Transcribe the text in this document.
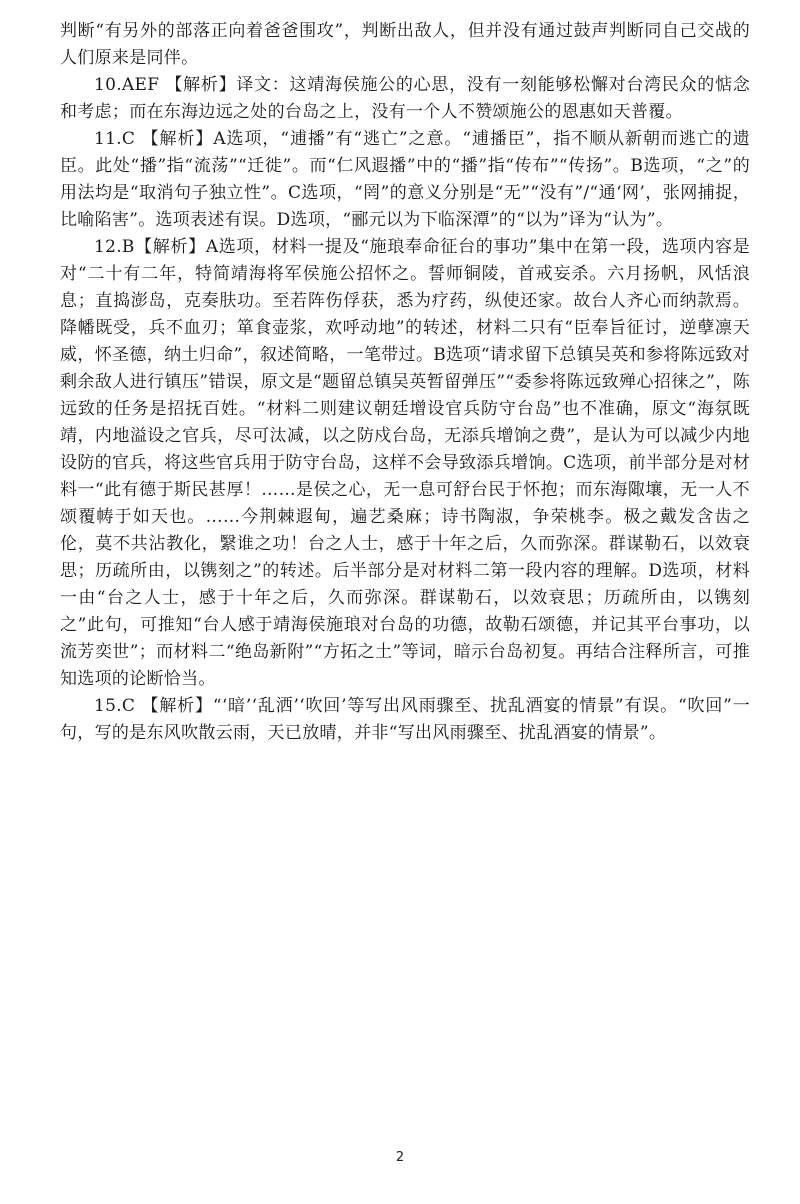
判断“有另外的部落正向着爸爸围攻”，判断出敌人，但并没有通过鼓声判断同自己交战的人们原来是同伴。

10.AEF 【解析】译文：这靖海侯施公的心思，没有一刻能够松懈对台湾民众的惦念和考虑；而在东海边远之处的台岛之上，没有一个人不赞颂施公的恩惠如天普覆。

11.C 【解析】A选项，“逋播”有“逃亡”之意。“逋播臣”，指不顺从新朝而逃亡的遗臣。此处“播”指“流荡”“迁徙”。而“仁风遐播”中的“播”指“传布”“传扬”。B选项，“之”的用法均是“取消句子独立性”。C选项，“罔”的意义分别是“无”“没有”/“通‘网’，张网捕捉，比喻陷害”。选项表述有误。D选项，“郦元以为下临深潭”的“以为”译为“认为”。

12.B【解析】A选项，材料一提及“施琅奉命征台的事功”集中在第一段，选项内容是对“二十有二年，特简靖海将军侯施公招怀之。誓师铜陵，首戒妄杀。六月扬帆，风恬浪息；直捣澎岛，克奏肤功。至若阵伤俘获，悉为疗药，纵使还家。故台人齐心而纳款焉。降幡既受，兵不血刃；箪食壶浆，欢呼动地”的转述，材料二只有“臣奉旨征讨，逆孽凛天威，怀圣德，纳土归命”，叙述简略，一笔带过。B选项“请求留下总镇吴英和参将陈远致对剩余敌人进行镇压”错误，原文是“题留总镇吴英暂留弹压”“委参将陈远致殚心招徕之”，陈远致的任务是招抚百姓。“材料二则建议朝廷增设官兵防守台岛”也不准确，原文“海氛既靖，内地溢设之官兵，尽可汰减，以之防戍台岛，无添兵增饷之费”，是认为可以减少内地设防的官兵，将这些官兵用于防守台岛，这样不会导致添兵增饷。C选项，前半部分是对材料一“此有德于斯民甚厚！……是侯之心，无一息可舒台民于怀抱；而东海陬壤，无一人不颂覆帱于如天也。……今荆棘遐甸，遍艺桑麻；诗书陶淑，争荣桃李。极之戴发含齿之伦，莫不共沾教化，繄谁之功！台之人士，感于十年之后，久而弥深。群谋勒石，以效衰思；历疏所由，以镌刻之”的转述。后半部分是对材料二第一段内容的理解。D选项，材料一由“台之人士，感于十年之后，久而弥深。群谋勒石，以效衰思；历疏所由，以镌刻之”此句，可推知“台人感于靖海侯施琅对台岛的功德，故勒石颂德，并记其平台事功，以流芳奕世”；而材料二“绝岛新附”“方拓之土”等词，暗示台岛初复。再结合注释所言，可推知选项的论断恰当。

15.C 【解析】“‘暗’‘乱洒’‘吹回’等写出风雨骤至、扰乱酒宴的情景”有误。“吹回”一句，写的是东风吹散云雨，天已放晴，并非“写出风雨骤至、扰乱酒宴的情景”。

2
